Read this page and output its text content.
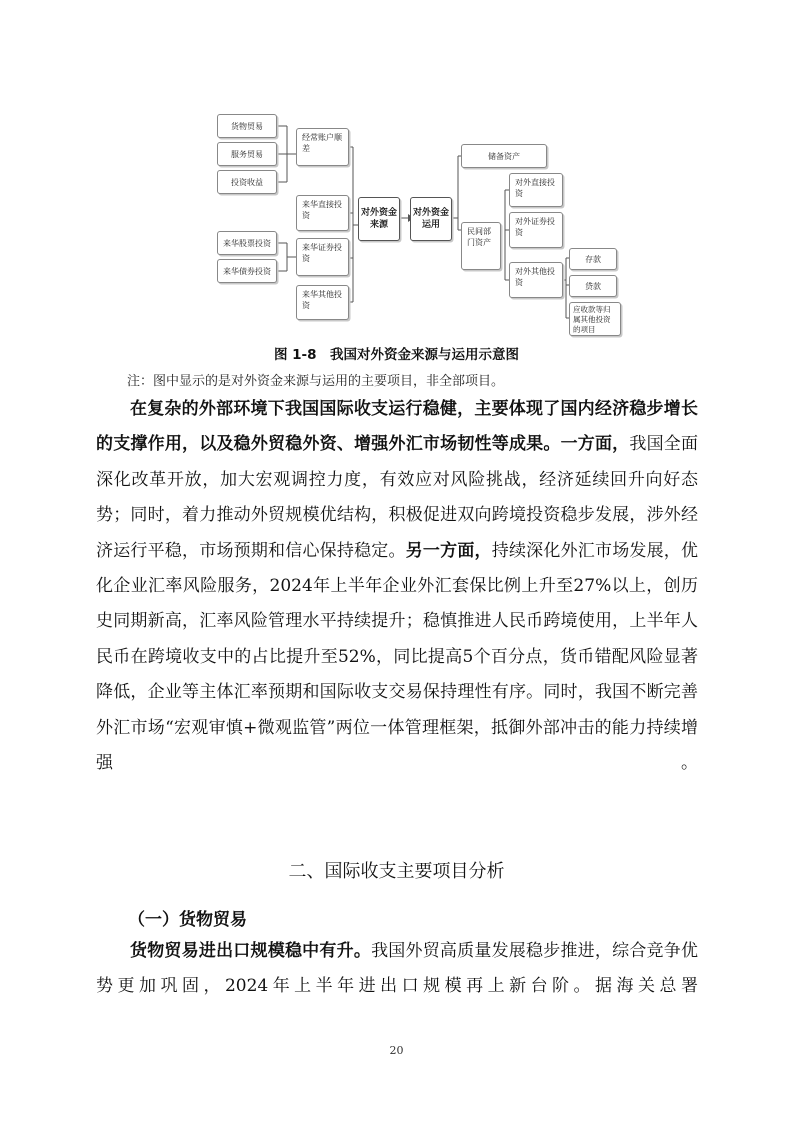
货物贸易
服务贸易
投资收益
经常账户顺差
来华直接投资
来华证券投资
来华其他投资
来华股票投资
来华债券投资
对外资金来源
对外资金运用
储备资产
民间部门资产
对外直接投资
对外证券投资
对外其他投资
存款
贷款
应收款等归属其他投资的项目
图 1-8　我国对外资金来源与运用示意图
注：图中显示的是对外资金来源与运用的主要项目，非全部项目。

在复杂的外部环境下我国国际收支运行稳健，主要体现了国内经济稳步增长的支撑作用，以及稳外贸稳外资、增强外汇市场韧性等成果。一方面，我国全面深化改革开放，加大宏观调控力度，有效应对风险挑战，经济延续回升向好态势；同时，着力推动外贸规模优结构，积极促进双向跨境投资稳步发展，涉外经济运行平稳，市场预期和信心保持稳定。另一方面，持续深化外汇市场发展，优化企业汇率风险服务，2024年上半年企业外汇套保比例上升至27%以上，创历史同期新高，汇率风险管理水平持续提升；稳慎推进人民币跨境使用，上半年人民币在跨境收支中的占比提升至52%，同比提高5个百分点，货币错配风险显著降低，企业等主体汇率预期和国际收支交易保持理性有序。同时，我国不断完善外汇市场“宏观审慎+微观监管”两位一体管理框架，抵御外部冲击的能力持续增强。

二、国际收支主要项目分析
（一）货物贸易

货物贸易进出口规模稳中有升。我国外贸高质量发展稳步推进，综合竞争优势更加巩固，2024年上半年进出口规模再上新台阶。据海关总署

20
